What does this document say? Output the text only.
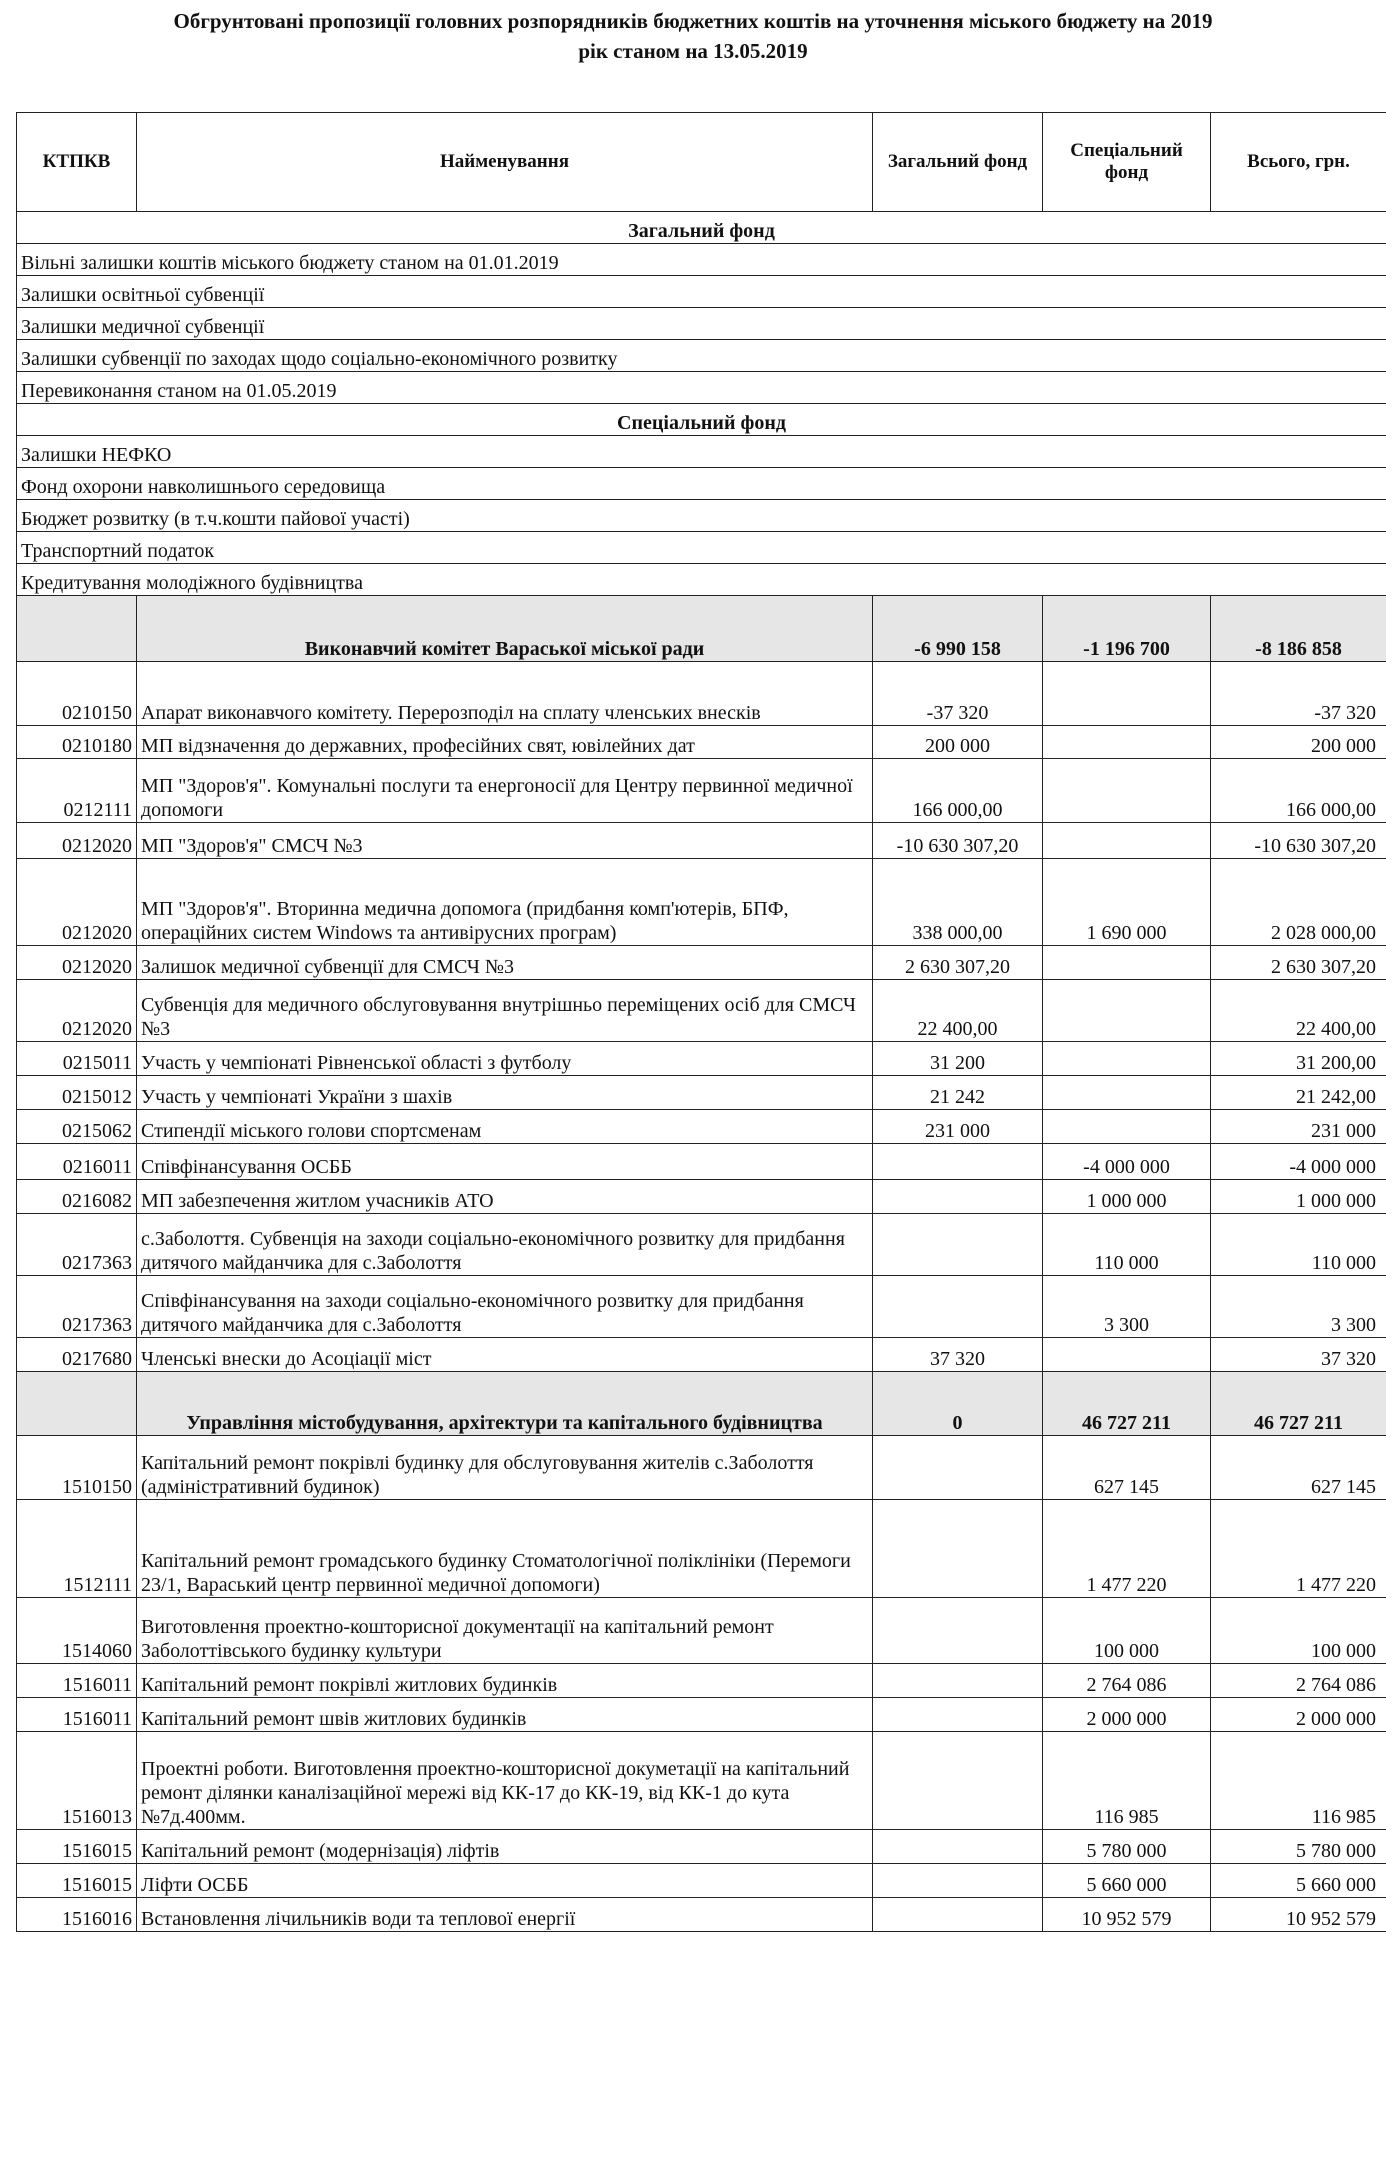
Обгрунтовані пропозиції головних розпорядників бюджетних коштів на уточнення міського бюджету на 2019
рік станом на 13.05.2019
КТПКВ	Найменування	Загальний фонд	Спеціальний фонд	Всього, грн.
Загальний фонд				
Вільні залишки коштів міського бюджету станом на 01.01.2019				
Залишки освітньої субвенції				
Залишки медичної субвенції				
Залишки субвенції по заходах щодо соціально-економічного розвитку				
Перевиконання станом на 01.05.2019				
Спеціальний фонд				
Залишки НЕФКО				
Фонд охорони навколишнього середовища				
Бюджет розвитку (в т.ч.кошти пайової участі)				
Транспортний податок				
Кредитування молодіжного будівництва				
	Виконавчий комітет Вараської міської ради	-6 990 158	-1 196 700	-8 186 858
0210150	Апарат виконавчого комітету. Перерозподіл на сплату членських внесків	-37 320		-37 320
0210180	МП відзначення до державних, професійних свят, ювілейних дат	200 000		200 000
0212111	МП "Здоров'я". Комунальні послуги та енергоносії для Центру первинної медичної допомоги	166 000,00		166 000,00
0212020	МП "Здоров'я" СМСЧ №3	-10 630 307,20		-10 630 307,20
0212020	МП "Здоров'я". Вторинна медична допомога (придбання комп'ютерів, БПФ, операційних систем Windows та антивірусних програм)	338 000,00	1 690 000	2 028 000,00
0212020	Залишок медичної субвенції для СМСЧ №3	2 630 307,20		2 630 307,20
0212020	Субвенція для медичного обслуговування внутрішньо переміщених осіб для СМСЧ №3	22 400,00		22 400,00
0215011	Участь у чемпіонаті Рівненської області з футболу	31 200		31 200,00
0215012	Участь у чемпіонаті України з шахів	21 242		21 242,00
0215062	Стипендії міського голови спортсменам	231 000		231 000
0216011	Співфінансування ОСББ		-4 000 000	-4 000 000
0216082	МП забезпечення житлом учасників АТО		1 000 000	1 000 000
0217363	с.Заболоття. Субвенція на заходи соціально-економічного розвитку для придбання дитячого майданчика для с.Заболоття		110 000	110 000
0217363	Співфінансування на заходи соціально-економічного розвитку для придбання дитячого майданчика для с.Заболоття		3 300	3 300
0217680	Членські внески до Асоціації міст	37 320		37 320
	Управління містобудування, архітектури та капітального будівництва	0	46 727 211	46 727 211
1510150	Капітальний ремонт покрівлі будинку для обслуговування жителів с.Заболоття (адміністративний будинок)		627 145	627 145
1512111	Капітальний ремонт громадського будинку Стоматологічної поліклініки (Перемоги 23/1, Вараський центр первинної медичної допомоги)		1 477 220	1 477 220
1514060	Виготовлення проектно-кошторисної документації на капітальний ремонт Заболоттівського будинку культури		100 000	100 000
1516011	Капітальний ремонт покрівлі житлових будинків		2 764 086	2 764 086
1516011	Капітальний ремонт швів житлових будинків		2 000 000	2 000 000
1516013	Проектні роботи. Виготовлення проектно-кошторисної докуметації на капітальний ремонт ділянки каналізаційної мережі від КК-17 до КК-19, від КК-1 до кута №7д.400мм.		116 985	116 985
1516015	Капітальний ремонт (модернізація) ліфтів		5 780 000	5 780 000
1516015	Ліфти ОСББ		5 660 000	5 660 000
1516016	Встановлення лічильників води та теплової енергії		10 952 579	10 952 579
